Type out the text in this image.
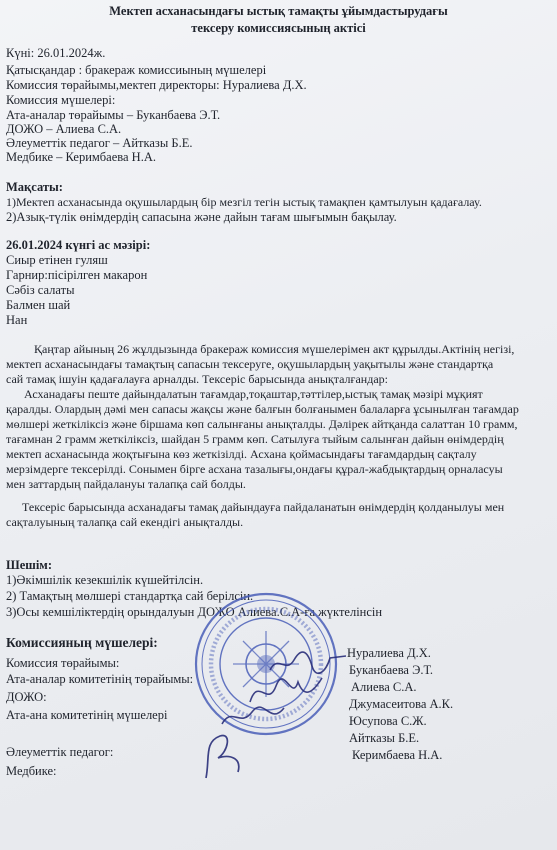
Мектеп асханасындағы ыстық тамақты ұйымдастырудағы
тексеру комиссиясының актісі
Күні: 26.01.2024ж.
Қатысқандар : бракераж комиссиының мүшелері
Комиссия төрайымы,мектеп директоры: Нуралиева Д.Х.
Комиссия мүшелері:
Ата-аналар төрайымы – Буканбаева Э.Т.
ДОЖО – Алиева С.А.
Әлеуметтік педагог – Айтказы Б.Е.
Медбике – Керимбаева Н.А.
Мақсаты:
1)Мектеп асханасында оқушылардың бір мезгіл тегін ыстық тамақпен қамтылуын қадағалау.
2)Азық-түлік өнімдердің сапасына және дайын тағам шығымын бақылау.
26.01.2024 күнгі ас мәзірі:
Сиыр етінен гуляш
Гарнир:пісірілген макарон
Сәбіз салаты
Балмен шай
Нан
Қаңтар айының 26 жұлдызында бракераж комиссия мүшелерімен акт құрылды.Актінің негізі,
мектеп асханасындағы тамақтың сапасын тексеруге, оқушылардың уақытылы және стандартқа
сай тамақ ішуін қадағалауға арналды. Тексеріс барысында анықталғандар:
Асханадағы пеште дайындалатын тағамдар,тоқаштар,тәттілер,ыстық тамақ мәзірі мұқият
қаралды. Олардың дәмі мен сапасы жақсы және балғын болғанымен балаларға ұсынылған тағамдар
мөлшері жеткіліксіз және біршама көп салынғаны анықталды. Дәлірек айтқанда салаттан 10 грамм,
тағамнан 2 грамм жеткіліксіз, шайдан 5 грамм көп. Сатылуға тыйым салынған дайын өнімдердің
мектеп асханасында жоқтығына көз жеткізілді. Асхана қоймасындағы тағамдардың сақталу
мерзімдерге тексерілді. Сонымен бірге асхана тазалығы,ондағы құрал-жабдықтардың орналасуы
мен заттардың пайдалануы талапқа сай болды.
Тексеріс барысында асханадағы тамақ дайындауға пайдаланатын өнімдердің қолданылуы мен
сақталуының талапқа сай екендігі анықталды.
Шешім:
1)Әкімшілік кезекшілік күшейтілсін.
2) Тамақтың мөлшері стандартқа сай берілсін.
3)Осы кемшіліктердің орындалуын ДОЖО Алиева.С.А-ға жүктелінсін
Комиссияның мүшелері:
Комиссия төрайымы:
Ата-аналар комитетінің төрайымы:
ДОЖО:
Ата-ана комитетінің мүшелері
Әлеуметтік педагог:
Медбике:
Нуралиева Д.Х.
Буканбаева Э.Т.
Алиева С.А.
Джумасеитова А.К.
Юсупова С.Ж.
Айтказы Б.Е.
Керимбаева Н.А.
